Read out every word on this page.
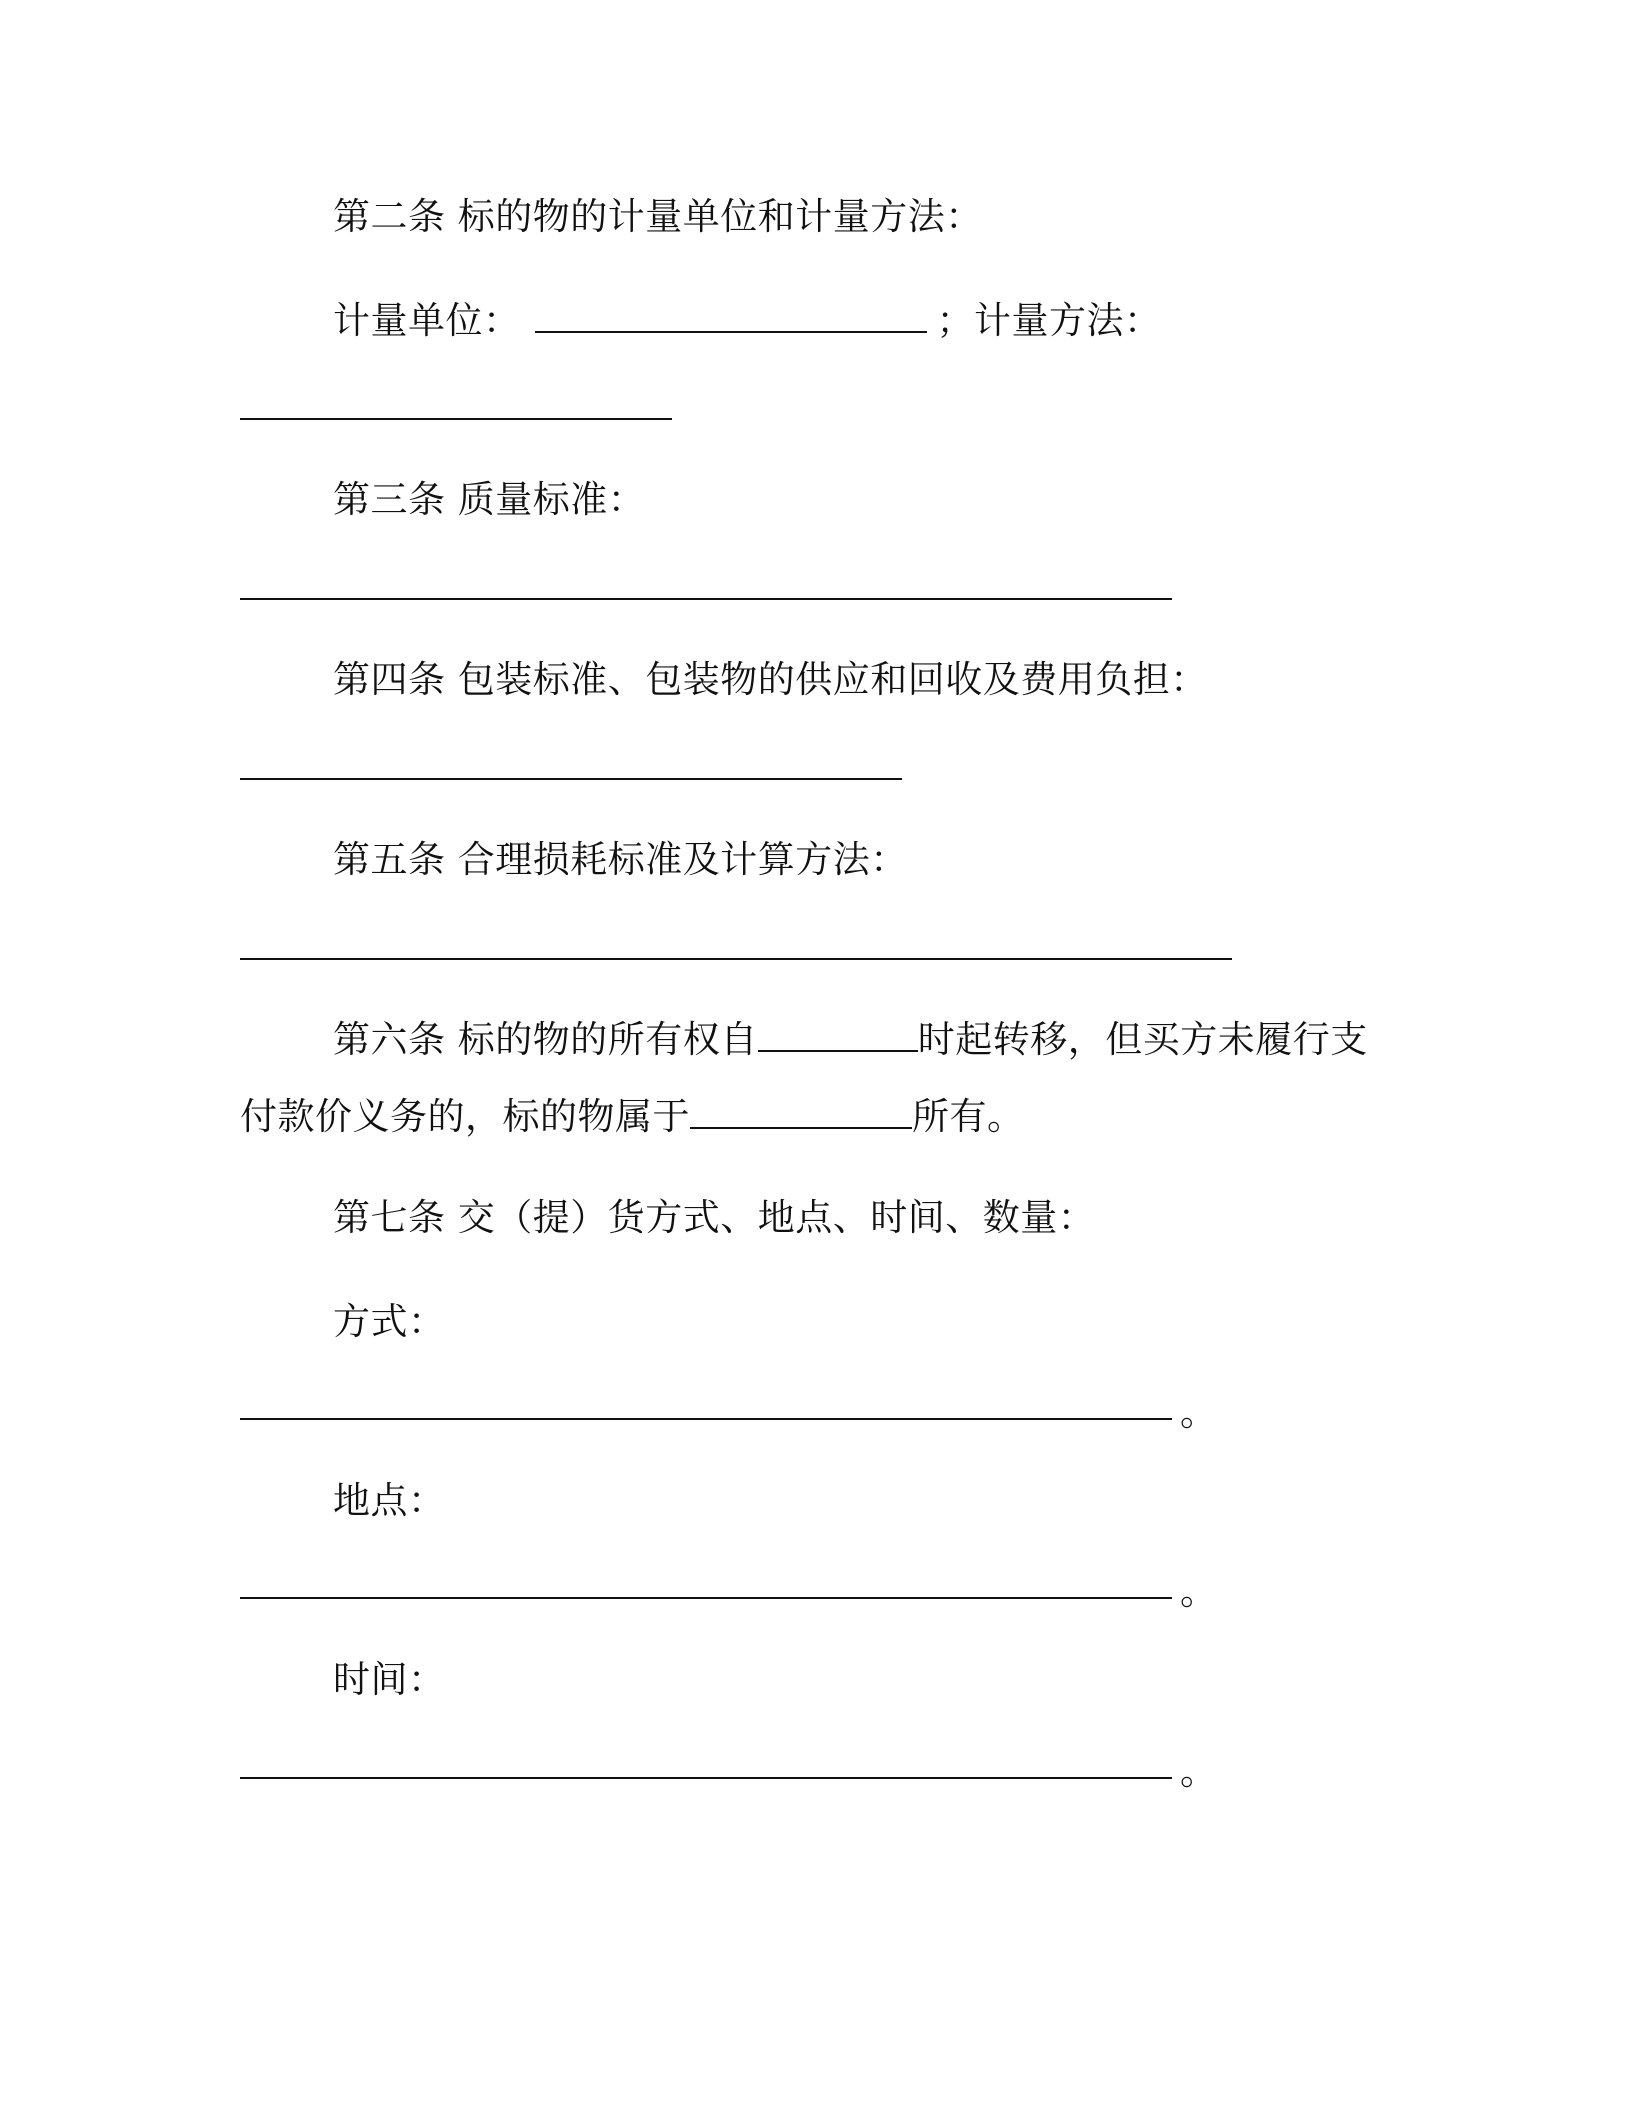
第二条 标的物的计量单位和计量方法：
计量单位：	；计量方法：
第三条 质量标准：
第四条 包装标准、包装物的供应和回收及费用负担：
第五条 合理损耗标准及计算方法：
第六条 标的物的所有权自	时起转移，但买方未履行支
付款价义务的，标的物属于	所有。
第七条 交（提）货方式、地点、时间、数量：
方式：
。
地点：
。
时间：
。
